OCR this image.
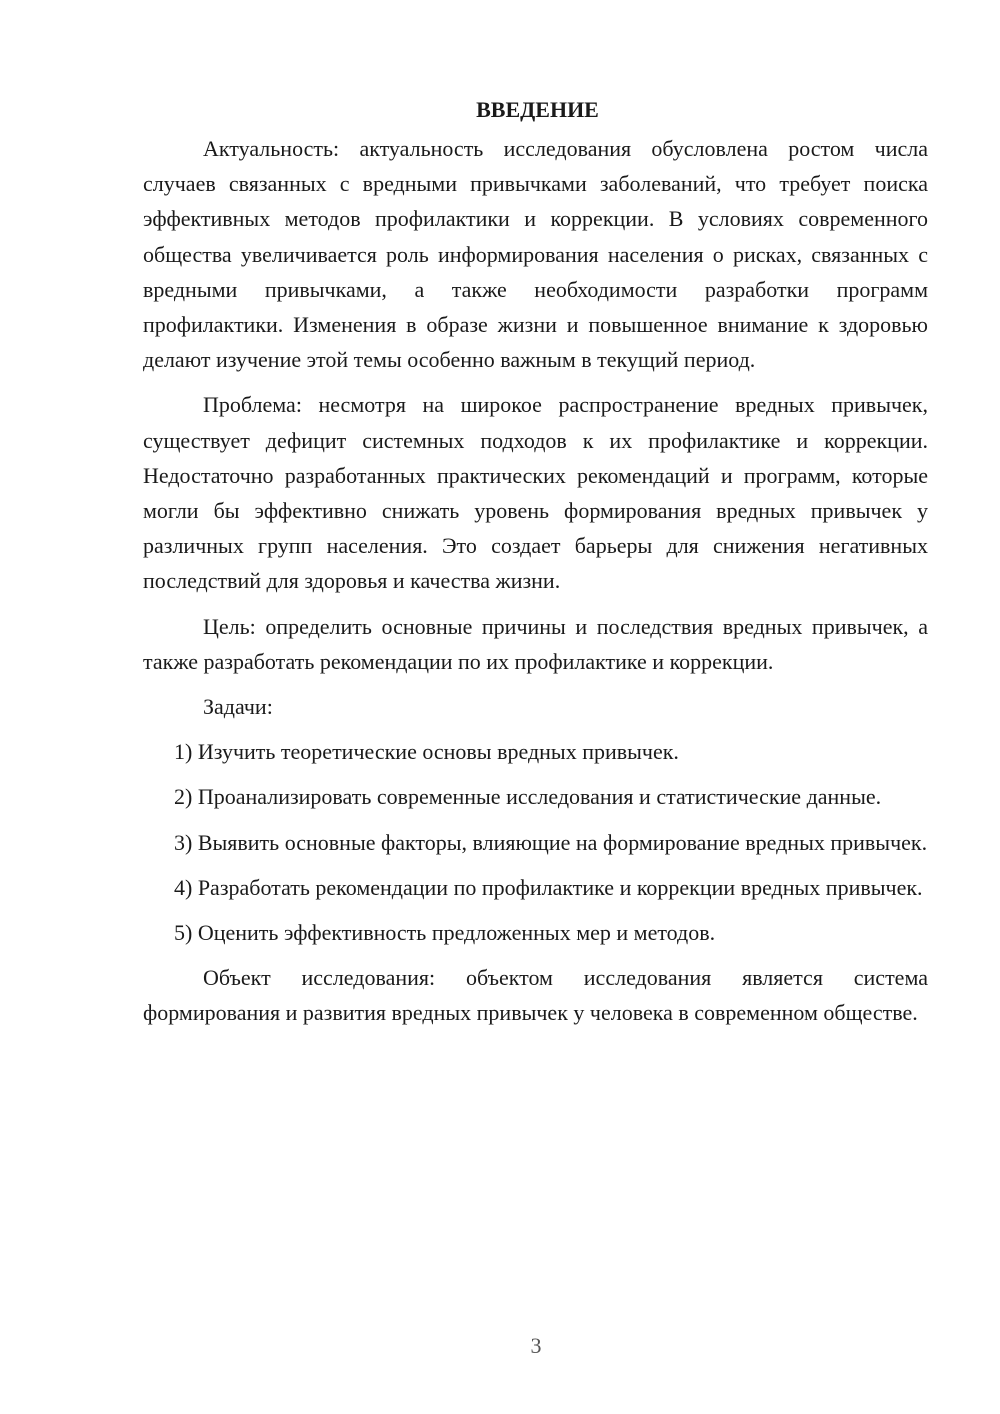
ВВЕДЕНИЕ

Актуальность: актуальность исследования обусловлена ростом числа случаев связанных с вредными привычками заболеваний, что требует поиска эффективных методов профилактики и коррекции. В условиях современного общества увеличивается роль информирования населения о рисках, связанных с вредными привычками, а также необходимости разработки программ профилактики. Изменения в образе жизни и повышенное внимание к здоровью делают изучение этой темы особенно важным в текущий период.

Проблема: несмотря на широкое распространение вредных привычек, существует дефицит системных подходов к их профилактике и коррекции. Недостаточно разработанных практических рекомендаций и программ, которые могли бы эффективно снижать уровень формирования вредных привычек у различных групп населения. Это создает барьеры для снижения негативных последствий для здоровья и качества жизни.

Цель: определить основные причины и последствия вредных привычек, а также разработать рекомендации по их профилактике и коррекции.

Задачи:

1) Изучить теоретические основы вредных привычек.

2) Проанализировать современные исследования и статистические данные.

3) Выявить основные факторы, влияющие на формирование вредных привычек.

4) Разработать рекомендации по профилактике и коррекции вредных привычек.

5) Оценить эффективность предложенных мер и методов.

Объект исследования: объектом исследования является система формирования и развития вредных привычек у человека в современном обществе.

3
